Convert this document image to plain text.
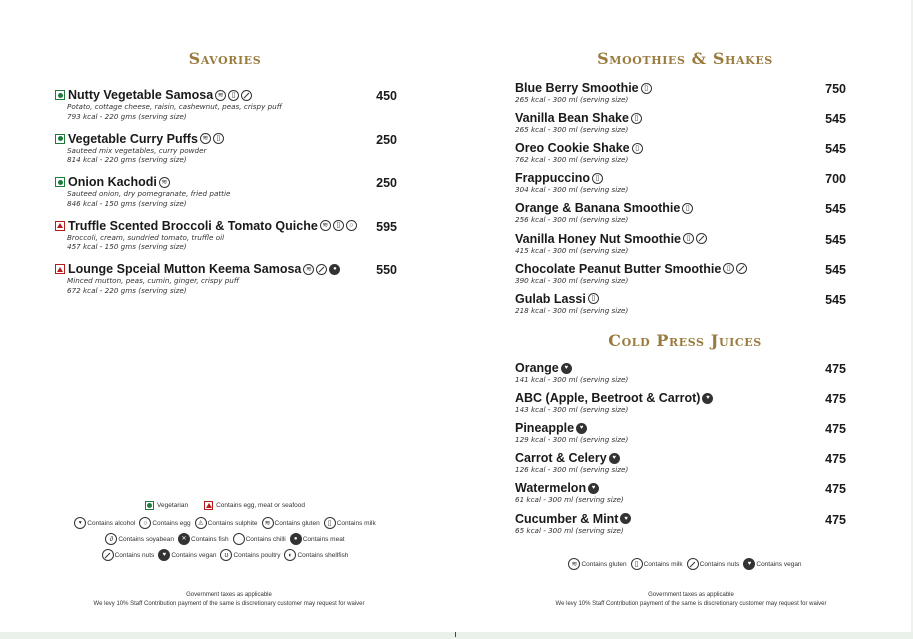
Savories
Nutty Vegetable Samosa
≋
▯
Potato, cottage cheese, raisin, cashewnut, peas, crispy puff
793 kcal - 220 gms (serving size)
450
Vegetable Curry Puffs
≋
▯
Sauteed mix vegetables, curry powder
814 kcal - 220 gms (serving size)
250
Onion Kachodi
≋
Sauteed onion, dry pomegranate, fried pattie
846 kcal - 150 gms (serving size)
250
Truffle Scented Broccoli & Tomato Quiche
≋
▯
○
Broccoli, cream, sundried tomato, truffle oil
457 kcal - 150 gms (serving size)
595
Lounge Spceial Mutton Keema Samosa
≋
●
Minced mutton, peas, cumin, ginger, crispy puff
672 kcal - 220 gms (serving size)
550
Vegetarian	Contains egg, meat or seafood
▼
Contains alcohol ○	Contains egg ◬	Contains sulphite ≋	Contains gluten ▯	Contains milk
∂
Contains soyabean ✕	Contains fish	Contains chilli ●	Contains meat
Contains nuts ♥	Contains vegan ʊ	Contains poultry ◐	Contains shellfish
Government taxes as applicable
We levy 10% Staff Contribution payment of the same is discretionary customer may request for waiver
Smoothies & Shakes
Blue Berry Smoothie
▯
265 kcal - 300 ml (serving size)
750
Vanilla Bean Shake
▯
265 kcal - 300 ml (serving size)
545
Oreo Cookie Shake
▯
762 kcal - 300 ml (serving size)
545
Frappuccino
▯
304 kcal - 300 ml (serving size)
700
Orange & Banana Smoothie
▯
256 kcal - 300 ml (serving size)
545
Vanilla Honey Nut Smoothie
▯
415 kcal - 300 ml (serving size)
545
Chocolate Peanut Butter Smoothie
▯
390 kcal - 300 ml (serving size)
545
Gulab Lassi
▯
218 kcal - 300 ml (serving size)
545
Cold Press Juices
Orange
♥
141 kcal - 300 ml (serving size)
475
ABC (Apple, Beetroot & Carrot)
♥
143 kcal - 300 ml (serving size)
475
Pineapple
♥
129 kcal - 300 ml (serving size)
475
Carrot & Celery
♥
126 kcal - 300 ml (serving size)
475
Watermelon
♥
61 kcal - 300 ml (serving size)
475
Cucumber & Mint
♥
65 kcal - 300 ml (serving size)
475
≋
Contains gluten ▯	Contains milk	Contains nuts ♥	Contains vegan
Government taxes as applicable
We levy 10% Staff Contribution payment of the same is discretionary customer may request for waiver
